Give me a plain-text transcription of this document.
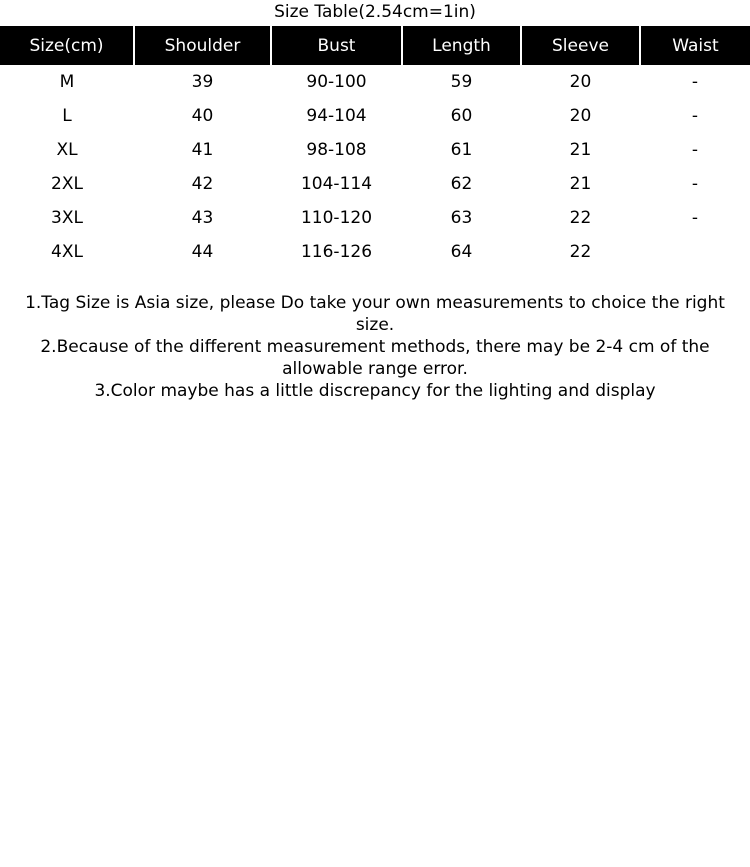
Size Table(2.54cm=1in)
Size(cm)	Shoulder	Bust	Length	Sleeve	Waist
M	39	90-100	59	20	-
L	40	94-104	60	20	-
XL	41	98-108	61	21	-
2XL	42	104-114	62	21	-
3XL	43	110-120	63	22	-
4XL	44	116-126	64	22	

1.Tag Size is Asia size, please Do take your own measurements to choice the right size.

2.Because of the different measurement methods, there may be 2-4 cm of the allowable range error.

3.Color maybe has a little discrepancy for the lighting and display
